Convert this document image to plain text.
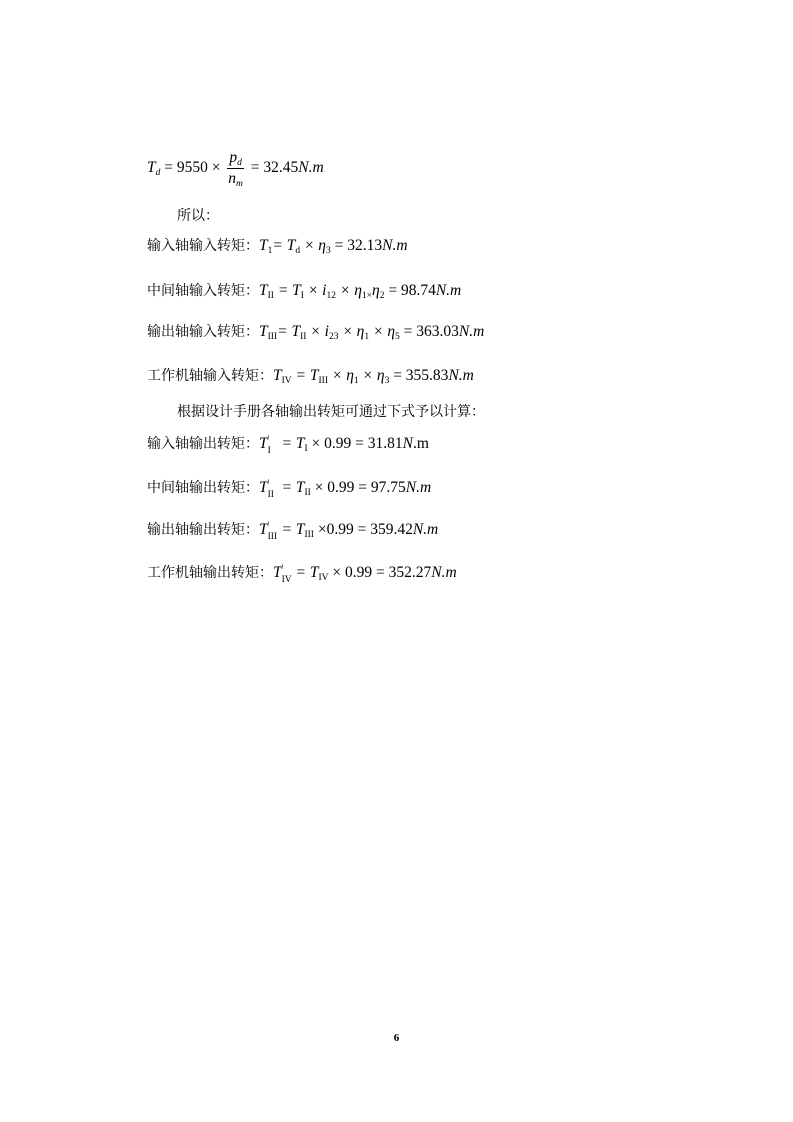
$T_d = 9550 \times \frac{p_d}{n_m} = 32.45N.m$
所以：
输入轴输入转矩：$T_1= T_d \times \eta_3 = 32.13N.m$
中间轴输入转矩：$T_{II} = T_I \times i_{12} \times \eta_{1\times}\eta_2 = 98.74N.m$
输出轴输入转矩：$T_{III}= T_{II} \times i_{23} \times \eta_1 \times \eta_5 = 363.03N.m$
工作机轴输入转矩：$T_{IV} = T_{III} \times \eta_1 \times \eta_3 = 355.83N.m$
根据设计手册各轴输出转矩可通过下式予以计算：
输入轴输出转矩：T '
$I = T_I \times 0.99 = 31.81N.m$
中间轴输出转矩：T '
II = $T_{II} \times 0.99 = 97.75N.m$
输出轴输出转矩：T '
III = $T_{III} \times 0.99 = 359.42N.m$
工作机轴输出转矩：T '
IV = $T_{IV} \times 0.99 = 352.27N.m$
6
